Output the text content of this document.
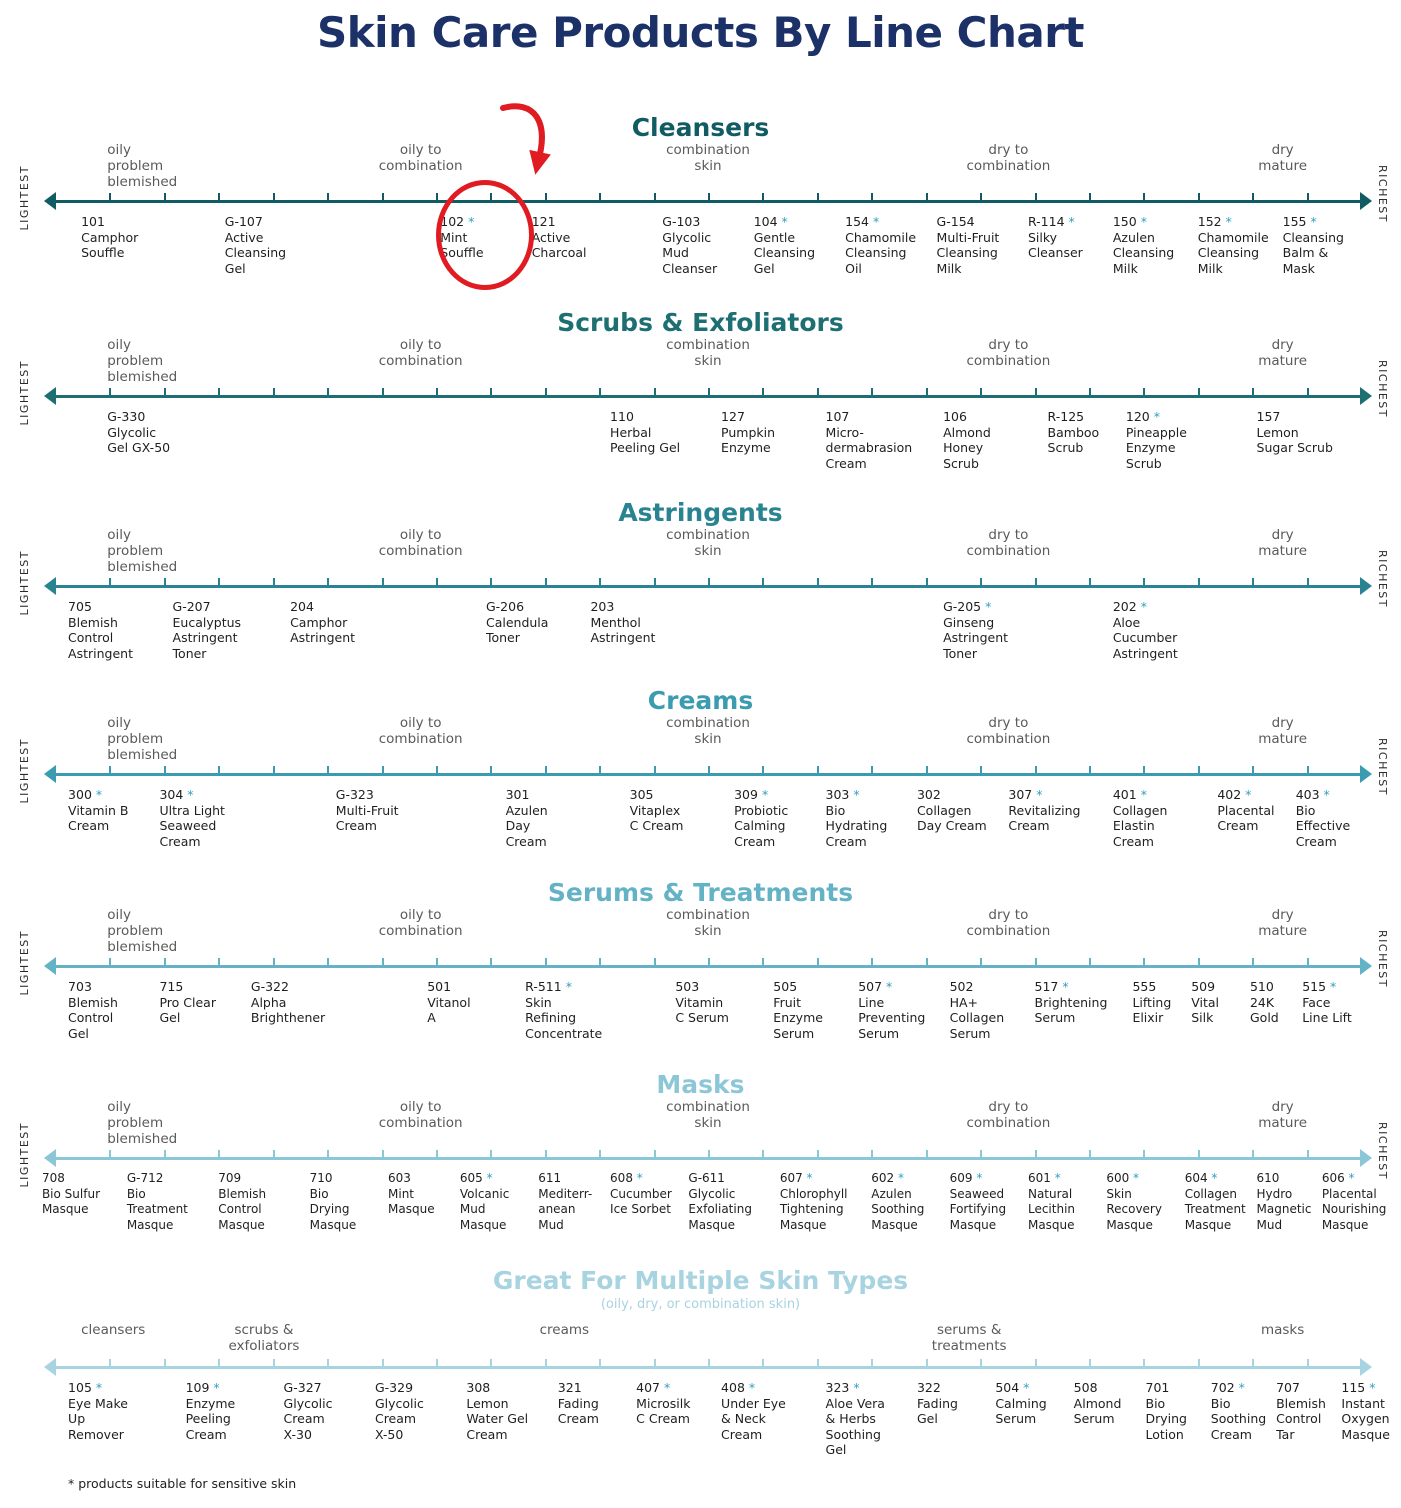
Skin Care Products By Line Chart
Cleansers
oily
problem
blemished
oily to
combination
combination
skin
dry to
combination
dry
mature
101
Camphor
Souffle
G-107
Active
Cleansing
Gel
102 *
Mint
Souffle
121
Active
Charcoal
G-103
Glycolic
Mud
Cleanser
104 *
Gentle
Cleansing
Gel
154 *
Chamomile
Cleansing
Oil
G-154
Multi-Fruit
Cleansing
Milk
R-114 *
Silky
Cleanser
150 *
Azulen
Cleansing
Milk
152 *
Chamomile
Cleansing
Milk
155 *
Cleansing
Balm &
Mask
LIGHTEST	RICHEST
Scrubs & Exfoliators
oily
problem
blemished
oily to
combination
combination
skin
dry to
combination
dry
mature
G-330
Glycolic
Gel GX-50
110
Herbal
Peeling Gel
127
Pumpkin
Enzyme
107
Micro-
dermabrasion
Cream
106
Almond
Honey
Scrub
R-125
Bamboo
Scrub
120 *
Pineapple
Enzyme
Scrub
157
Lemon
Sugar Scrub
LIGHTEST	RICHEST
Astringents
oily
problem
blemished
oily to
combination
combination
skin
dry to
combination
dry
mature
705
Blemish
Control
Astringent
G-207
Eucalyptus
Astringent
Toner
204
Camphor
Astringent
G-206
Calendula
Toner
203
Menthol
Astringent
G-205 *
Ginseng
Astringent
Toner
202 *
Aloe
Cucumber
Astringent
LIGHTEST	RICHEST
Creams
oily
problem
blemished
oily to
combination
combination
skin
dry to
combination
dry
mature
300 *
Vitamin B
Cream
304 *
Ultra Light
Seaweed
Cream
G-323
Multi-Fruit
Cream
301
Azulen
Day
Cream
305
Vitaplex
C Cream
309 *
Probiotic
Calming
Cream
303 *
Bio
Hydrating
Cream
302
Collagen
Day Cream
307 *
Revitalizing
Cream
401 *
Collagen
Elastin
Cream
402 *
Placental
Cream
403 *
Bio
Effective
Cream
LIGHTEST	RICHEST
Serums & Treatments
oily
problem
blemished
oily to
combination
combination
skin
dry to
combination
dry
mature
703
Blemish
Control
Gel
715
Pro Clear
Gel
G-322
Alpha
Brighthener
501
Vitanol
A
R-511 *
Skin
Refining
Concentrate
503
Vitamin
C Serum
505
Fruit
Enzyme
Serum
507 *
Line
Preventing
Serum
502
HA+
Collagen
Serum
517 *
Brightening
Serum
555
Lifting
Elixir
509
Vital
Silk
510
24K
Gold
515 *
Face
Line Lift
LIGHTEST	RICHEST
Masks
oily
problem
blemished
oily to
combination
combination
skin
dry to
combination
dry
mature
708
Bio Sulfur
Masque
G-712
Bio
Treatment
Masque
709
Blemish
Control
Masque
710
Bio
Drying
Masque
603
Mint
Masque
605 *
Volcanic
Mud
Masque
611
Mediterr-
anean
Mud
608 *
Cucumber
Ice Sorbet
G-611
Glycolic
Exfoliating
Masque
607 *
Chlorophyll
Tightening
Masque
602 *
Azulen
Soothing
Masque
609 *
Seaweed
Fortifying
Masque
601 *
Natural
Lecithin
Masque
600 *
Skin
Recovery
Masque
604 *
Collagen
Treatment
Masque
610
Hydro
Magnetic
Mud
606 *
Placental
Nourishing
Masque
LIGHTEST	RICHEST
Great For Multiple Skin Types
(oily, dry, or combination skin)
cleansers	scrubs &
exfoliators
creams	serums &
treatments
masks
105 *
Eye Make
Up
Remover
109 *
Enzyme
Peeling
Cream
G-327
Glycolic
Cream
X-30
G-329
Glycolic
Cream
X-50
308
Lemon
Water Gel
Cream
321
Fading
Cream
407 *
Microsilk
C Cream
408 *
Under Eye
& Neck
Cream
323 *
Aloe Vera
& Herbs
Soothing
Gel
322
Fading
Gel
504 *
Calming
Serum
508
Almond
Serum
701
Bio
Drying
Lotion
702 *
Bio
Soothing
Cream
707
Blemish
Control
Tar
115 *
Instant
Oxygen
Masque
* products suitable for sensitive skin
